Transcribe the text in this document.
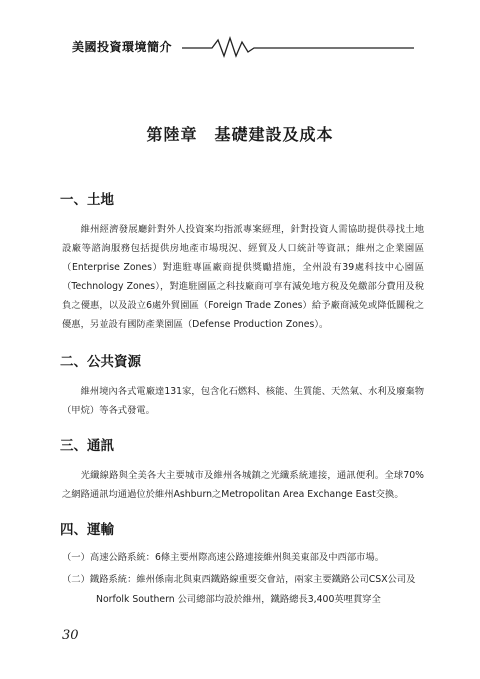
美國投資環境簡介
第陸章　基礎建設及成本
一、土地
維州經濟發展廳針對外人投資案均指派專案經理，針對投資人需協助提供尋找土地設廠等諮詢服務包括提供房地產市場現況、經貿及人口統計等資訊；維州之企業園區（Enterprise Zones）對進駐專區廠商提供獎勵措施，全州設有39處科技中心園區（Technology Zones），對進駐園區之科技廠商可享有減免地方稅及免繳部分費用及稅負之優惠，以及設立6處外貿園區（Foreign Trade Zones）給予廠商減免或降低關稅之優惠，另並設有國防產業園區（Defense Production Zones）。
二、公共資源
維州境內各式電廠達131家，包含化石燃料、核能、生質能、天然氣、水利及廢棄物（甲烷）等各式發電。
三、通訊
光纖線路與全美各大主要城市及維州各城鎮之光纖系統連接，通訊便利。全球70%之網路通訊均通過位於維州Ashburn之Metropolitan Area Exchange East交換。
四、運輸
（一）高速公路系統：6條主要州際高速公路連接維州與美東部及中西部市場。
（二）鐵路系統：維州係南北與東西鐵路線重要交會站，兩家主要鐵路公司CSX公司及Norfolk Southern 公司總部均設於維州，鐵路總長3,400英哩貫穿全
30
